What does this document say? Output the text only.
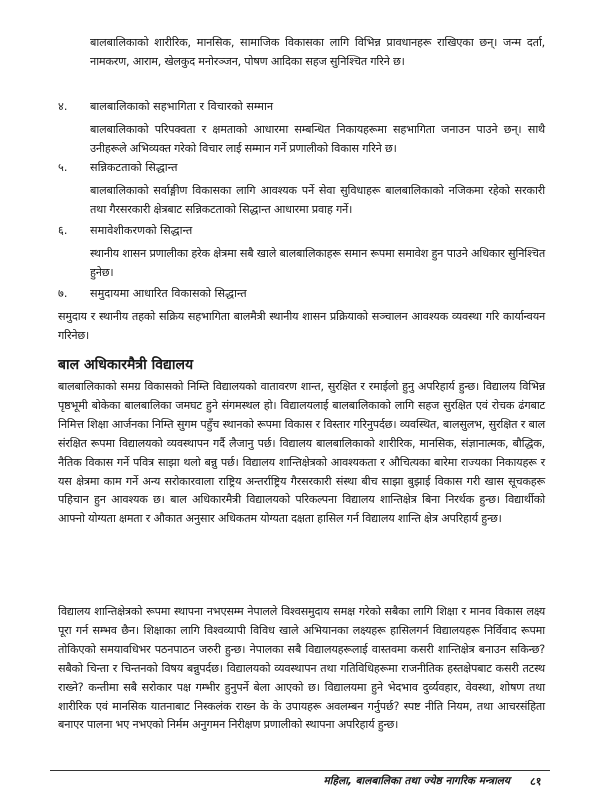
बालबालिकाको शारीरिक, मानसिक, सामाजिक विकासका लागि विभिन्न प्रावधानहरू राखिएका छन्। जन्म दर्ता, नामकरण, आराम, खेलकुद मनोरञ्जन, पोषण आदिका सहज सुनिश्चित गरिने छ।

४. बालबालिकाको सहभागिता र विचारको सम्मान

बालबालिकाको परिपक्वता र क्षमताको आधारमा सम्बन्धित निकायहरूमा सहभागिता जनाउन पाउने छन्। साथै उनीहरूले अभिव्यक्त गरेको विचार लाई सम्मान गर्ने प्रणालीको विकास गरिने छ।

५. सन्निकटताको सिद्धान्त

बालबालिकाको सर्वाङ्गीण विकासका लागि आवश्यक पर्ने सेवा सुविधाहरू बालबालिकाको नजिकमा रहेको सरकारी तथा गैरसरकारी क्षेत्रबाट सन्निकटताको सिद्धान्त आधारमा प्रवाह गर्ने।

६. समावेशीकरणको सिद्धान्त

स्थानीय शासन प्रणालीका हरेक क्षेत्रमा सबै खाले बालबालिकाहरू समान रूपमा समावेश हुन पाउने अधिकार सुनिश्चित हुनेछ।

७. समुदायमा आधारित विकासको सिद्धान्त

समुदाय र स्थानीय तहको सक्रिय सहभागिता बालमैत्री स्थानीय शासन प्रक्रियाको सञ्चालन आवश्यक व्यवस्था गरि कार्यान्वयन गरिनेछ।

बाल अधिकारमैत्री विद्यालय

बालबालिकाको समग्र विकासको निम्ति विद्यालयको वातावरण शान्त, सुरक्षित र रमाईलो हुनु अपरिहार्य हुन्छ। विद्यालय विभिन्न पृष्ठभूमी बोकेका बालबालिका जमघट हुने संगमस्थल हो। विद्यालयलाई बालबालिकाको लागि सहज सुरक्षित एवं रोचक ढंगबाट निमित्त शिक्षा आर्जनका निम्ति सुगम पहुँच स्थानको रूपमा विकास र विस्तार गरिनुपर्दछ। व्यवस्थित, बालसुलभ, सुरक्षित र बाल संरक्षित रूपमा विद्यालयको व्यवस्थापन गर्दै लैजानु पर्छ। विद्यालय बालबालिकाको शारीरिक, मानसिक, संज्ञानात्मक, बौद्धिक, नैतिक विकास गर्ने पवित्र साझा थलो बन्नु पर्छ। विद्यालय शान्तिक्षेत्रको आवश्यकता र औचित्यका बारेमा राज्यका निकायहरू र यस क्षेत्रमा काम गर्ने अन्य सरोकारवाला राष्ट्रिय अन्तर्राष्ट्रिय गैरसरकारी संस्था बीच साझा बुझाई विकास गरी खास सूचकहरू पहिचान हुन आवश्यक छ। बाल अधिकारमैत्री विद्यालयको परिकल्पना विद्यालय शान्तिक्षेत्र बिना निरर्थक हुन्छ। विद्यार्थीको आफ्नो योग्यता क्षमता र औकात अनुसार अधिकतम योग्यता दक्षता हासिल गर्न विद्यालय शान्ति क्षेत्र अपरिहार्य हुन्छ।

विद्यालय शान्तिक्षेत्रको रूपमा स्थापना नभएसम्म नेपालले विश्वसमुदाय समक्ष गरेको सबैका लागि शिक्षा र मानव विकास लक्ष्य पूरा गर्न सम्भव छैन। शिक्षाका लागि विश्वव्यापी विविध खाले अभियानका लक्ष्यहरू हासिलगर्न विद्यालयहरू निर्विवाद रूपमा तोकिएको समयावधिभर पठनपाठन जरुरी हुन्छ। नेपालका सबै विद्यालयहरूलाई वास्तवमा कसरी शान्तिक्षेत्र बनाउन सकिन्छ? सबैको चिन्ता र चिन्तनको विषय बन्नुपर्दछ। विद्यालयको व्यवस्थापन तथा गतिविधिहरूमा राजनीतिक हस्तक्षेपबाट कसरी तटस्थ राख्ने? कन्तीमा सबै सरोकार पक्ष गम्भीर हुनुपर्ने बेला आएको छ। विद्यालयमा हुने भेदभाव दुर्व्यवहार, वेवस्था, शोषण तथा शारीरिक एवं मानसिक यातनाबाट निस्कलंक राख्न के के उपायहरू अवलम्बन गर्नुपर्छ? स्पष्ट नीति नियम, तथा आचरसंहिता बनाएर पालना भए नभएको निर्मम अनुगमन निरीक्षण प्रणालीको स्थापना अपरिहार्य हुन्छ।

महिला, बालबालिका तथा ज्येष्ठ नागरिक मन्त्रालय ८१
